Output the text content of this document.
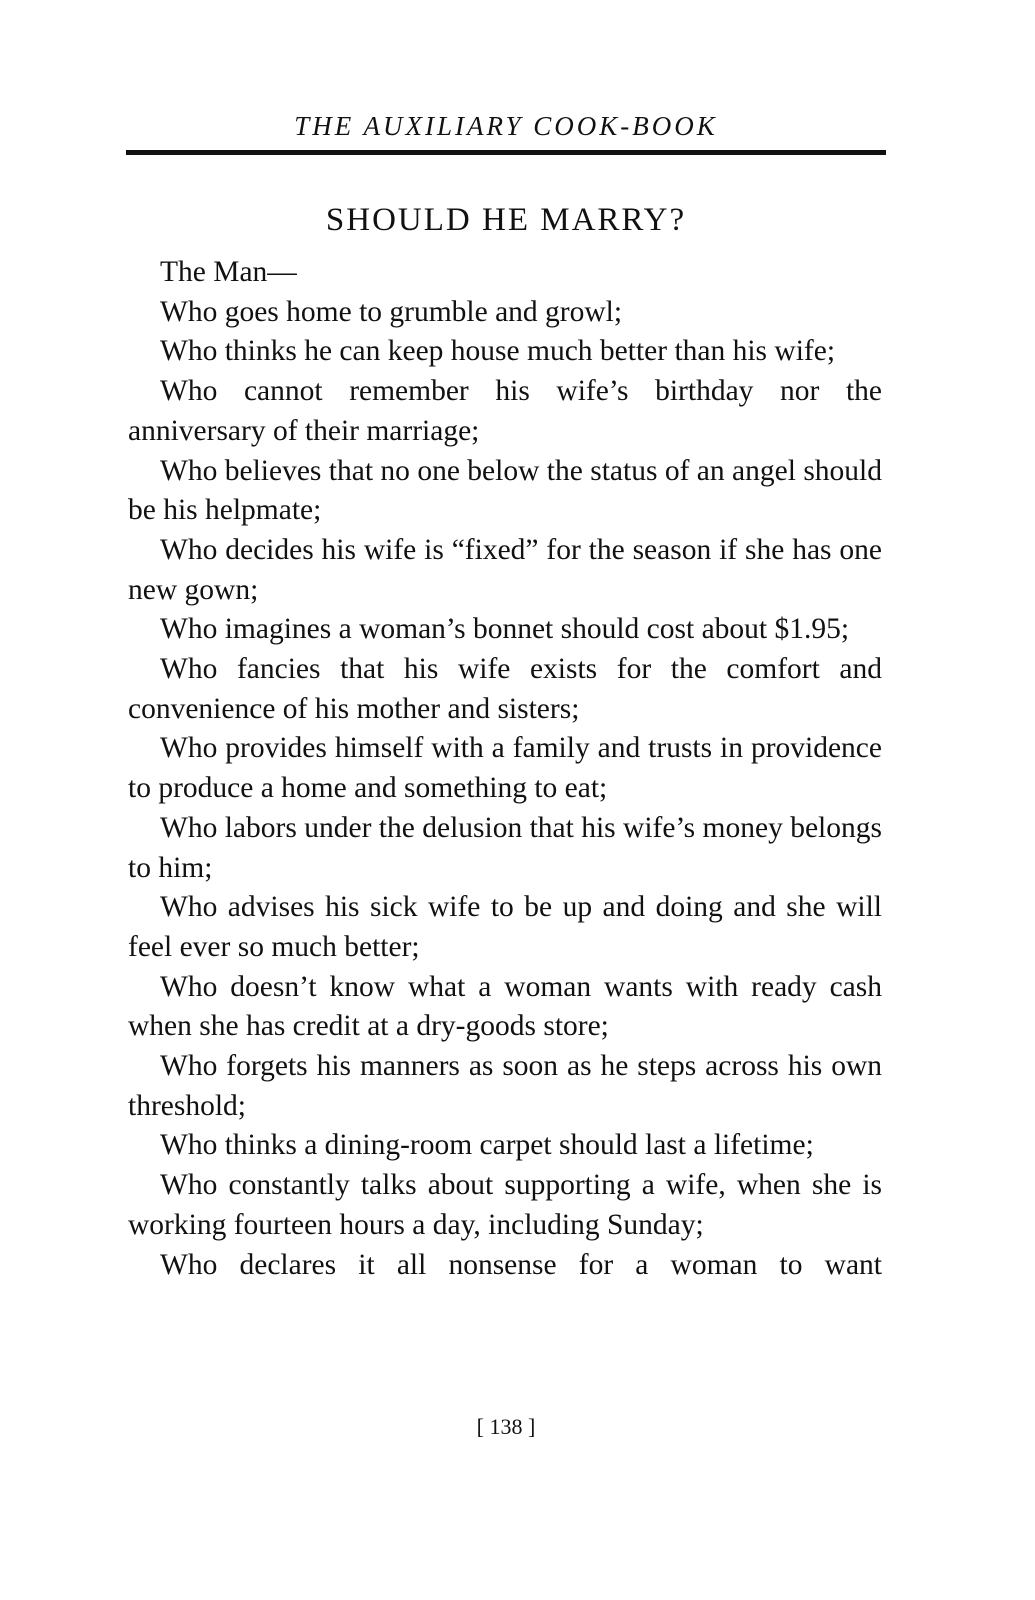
THE AUXILIARY COOK-BOOK
SHOULD HE MARRY?

The Man—

Who goes home to grumble and growl;

Who thinks he can keep house much better than his wife;

Who cannot remember his wife’s birthday nor the anniversary of their marriage;

Who believes that no one below the status of an angel should be his helpmate;

Who decides his wife is “fixed” for the season if she has one new gown;

Who imagines a woman’s bonnet should cost about $1.95;

Who fancies that his wife exists for the comfort and convenience of his mother and sisters;

Who provides himself with a family and trusts in providence to produce a home and something to eat;

Who labors under the delusion that his wife’s money belongs to him;

Who advises his sick wife to be up and doing and she will feel ever so much better;

Who doesn’t know what a woman wants with ready cash when she has credit at a dry-goods store;

Who forgets his manners as soon as he steps across his own threshold;

Who thinks a dining-room carpet should last a lifetime;

Who constantly talks about supporting a wife, when she is working fourteen hours a day, including Sunday;

Who declares it all nonsense for a woman to want

[ 138 ]
